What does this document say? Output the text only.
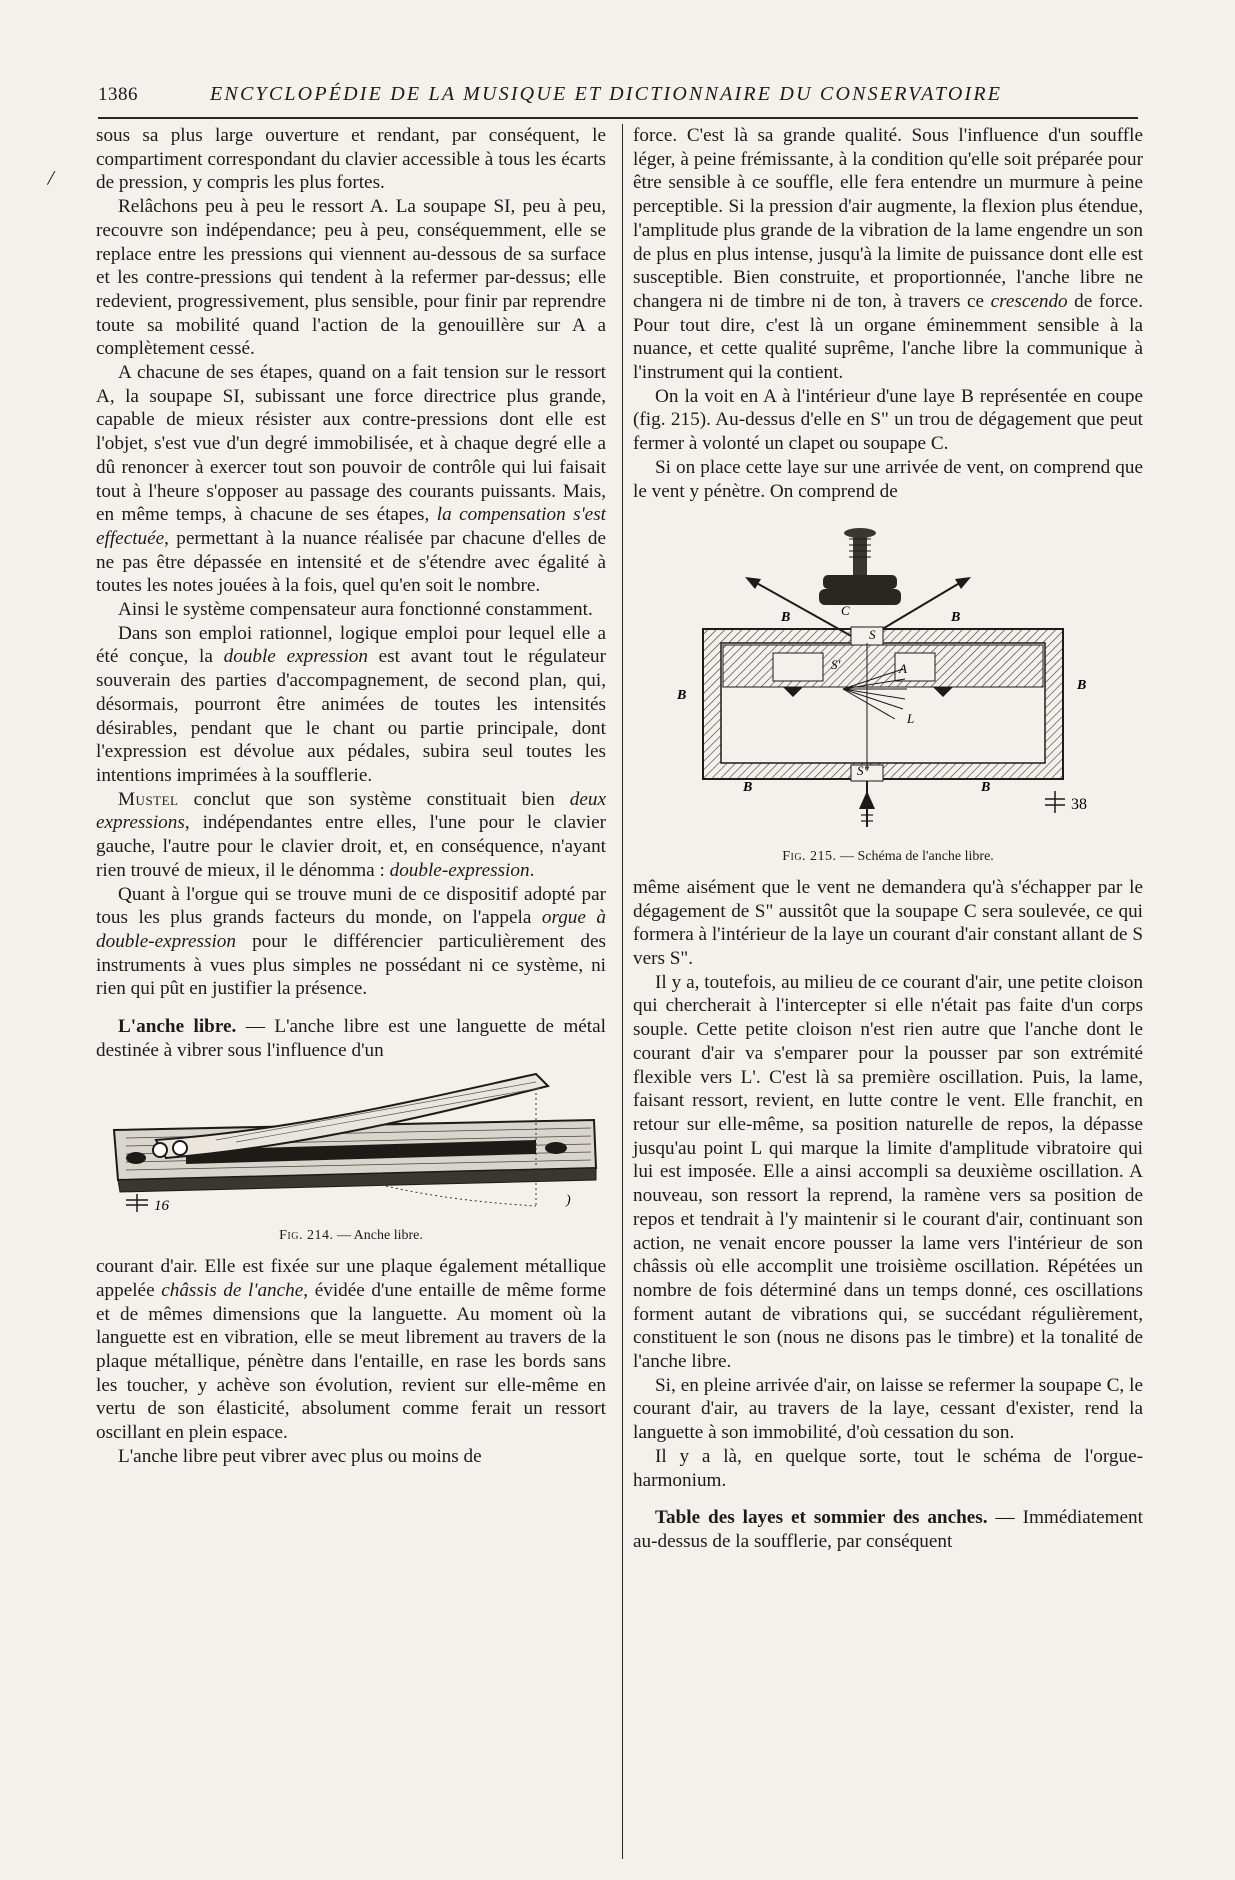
1386	ENCYCLOPÉDIE DE LA MUSIQUE ET DICTIONNAIRE DU CONSERVATOIRE
/

sous sa plus large ouverture et rendant, par conséquent, le compartiment correspondant du clavier accessible à tous les écarts de pression, y compris les plus fortes.

Relâchons peu à peu le ressort A. La soupape SI, peu à peu, recouvre son indépendance; peu à peu, conséquemment, elle se replace entre les pressions qui viennent au-dessous de sa surface et les contre-pressions qui tendent à la refermer par-dessus; elle redevient, progressivement, plus sensible, pour finir par reprendre toute sa mobilité quand l'action de la genouillère sur A a complètement cessé.

A chacune de ses étapes, quand on a fait tension sur le ressort A, la soupape SI, subissant une force directrice plus grande, capable de mieux résister aux contre-pressions dont elle est l'objet, s'est vue d'un degré immobilisée, et à chaque degré elle a dû renoncer à exercer tout son pouvoir de contrôle qui lui faisait tout à l'heure s'opposer au passage des courants puissants. Mais, en même temps, à chacune de ses étapes, la compensation s'est effectuée, permettant à la nuance réalisée par chacune d'elles de ne pas être dépassée en intensité et de s'étendre avec égalité à toutes les notes jouées à la fois, quel qu'en soit le nombre.

Ainsi le système compensateur aura fonctionné constamment.

Dans son emploi rationnel, logique emploi pour lequel elle a été conçue, la double expression est avant tout le régulateur souverain des parties d'accompagnement, de second plan, qui, désormais, pourront être animées de toutes les intensités désirables, pendant que le chant ou partie principale, dont l'expression est dévolue aux pédales, subira seul toutes les intentions imprimées à la soufflerie.

Mustel conclut que son système constituait bien deux expressions, indépendantes entre elles, l'une pour le clavier gauche, l'autre pour le clavier droit, et, en conséquence, n'ayant rien trouvé de mieux, il le dénomma : double-expression.

Quant à l'orgue qui se trouve muni de ce dispositif adopté par tous les plus grands facteurs du monde, on l'appela orgue à double-expression pour le différencier particulièrement des instruments à vues plus simples ne possédant ni ce système, ni rien qui pût en justifier la présence.

L'anche libre. — L'anche libre est une languette de métal destinée à vibrer sous l'influence d'un

)
16
Fig. 214. — Anche libre.

courant d'air. Elle est fixée sur une plaque également métallique appelée châssis de l'anche, évidée d'une entaille de même forme et de mêmes dimensions que la languette. Au moment où la languette est en vibration, elle se meut librement au travers de la plaque métallique, pénètre dans l'entaille, en rase les bords sans les toucher, y achève son évolution, revient sur elle-même en vertu de son élasticité, absolument comme ferait un ressort oscillant en plein espace.

L'anche libre peut vibrer avec plus ou moins de

force. C'est là sa grande qualité. Sous l'influence d'un souffle léger, à peine frémissante, à la condition qu'elle soit préparée pour être sensible à ce souffle, elle fera entendre un murmure à peine perceptible. Si la pression d'air augmente, la flexion plus étendue, l'amplitude plus grande de la vibration de la lame engendre un son de plus en plus intense, jusqu'à la limite de puissance dont elle est susceptible. Bien construite, et proportionnée, l'anche libre ne changera ni de timbre ni de ton, à travers ce crescendo de force. Pour tout dire, c'est là un organe éminemment sensible à la nuance, et cette qualité suprême, l'anche libre la communique à l'instrument qui la contient.

On la voit en A à l'intérieur d'une laye B représentée en coupe (fig. 215). Au-dessus d'elle en S" un trou de dégagement que peut fermer à volonté un clapet ou soupape C.

Si on place cette laye sur une arrivée de vent, on comprend que le vent y pénètre. On comprend de

B	B
B
B
B	B
S'
S
S"
A
L
C
38
Fig. 215. — Schéma de l'anche libre.

même aisément que le vent ne demandera qu'à s'échapper par le dégagement de S" aussitôt que la soupape C sera soulevée, ce qui formera à l'intérieur de la laye un courant d'air constant allant de S vers S".

Il y a, toutefois, au milieu de ce courant d'air, une petite cloison qui chercherait à l'intercepter si elle n'était pas faite d'un corps souple. Cette petite cloison n'est rien autre que l'anche dont le courant d'air va s'emparer pour la pousser par son extrémité flexible vers L'. C'est là sa première oscillation. Puis, la lame, faisant ressort, revient, en lutte contre le vent. Elle franchit, en retour sur elle-même, sa position naturelle de repos, la dépasse jusqu'au point L qui marque la limite d'amplitude vibratoire qui lui est imposée. Elle a ainsi accompli sa deuxième oscillation. A nouveau, son ressort la reprend, la ramène vers sa position de repos et tendrait à l'y maintenir si le courant d'air, continuant son action, ne venait encore pousser la lame vers l'intérieur de son châssis où elle accomplit une troisième oscillation. Répétées un nombre de fois déterminé dans un temps donné, ces oscillations forment autant de vibrations qui, se succédant régulièrement, constituent le son (nous ne disons pas le timbre) et la tonalité de l'anche libre.

Si, en pleine arrivée d'air, on laisse se refermer la soupape C, le courant d'air, au travers de la laye, cessant d'exister, rend la languette à son immobilité, d'où cessation du son.

Il y a là, en quelque sorte, tout le schéma de l'orgue-harmonium.

Table des layes et sommier des anches. — Immédiatement au-dessus de la soufflerie, par conséquent
